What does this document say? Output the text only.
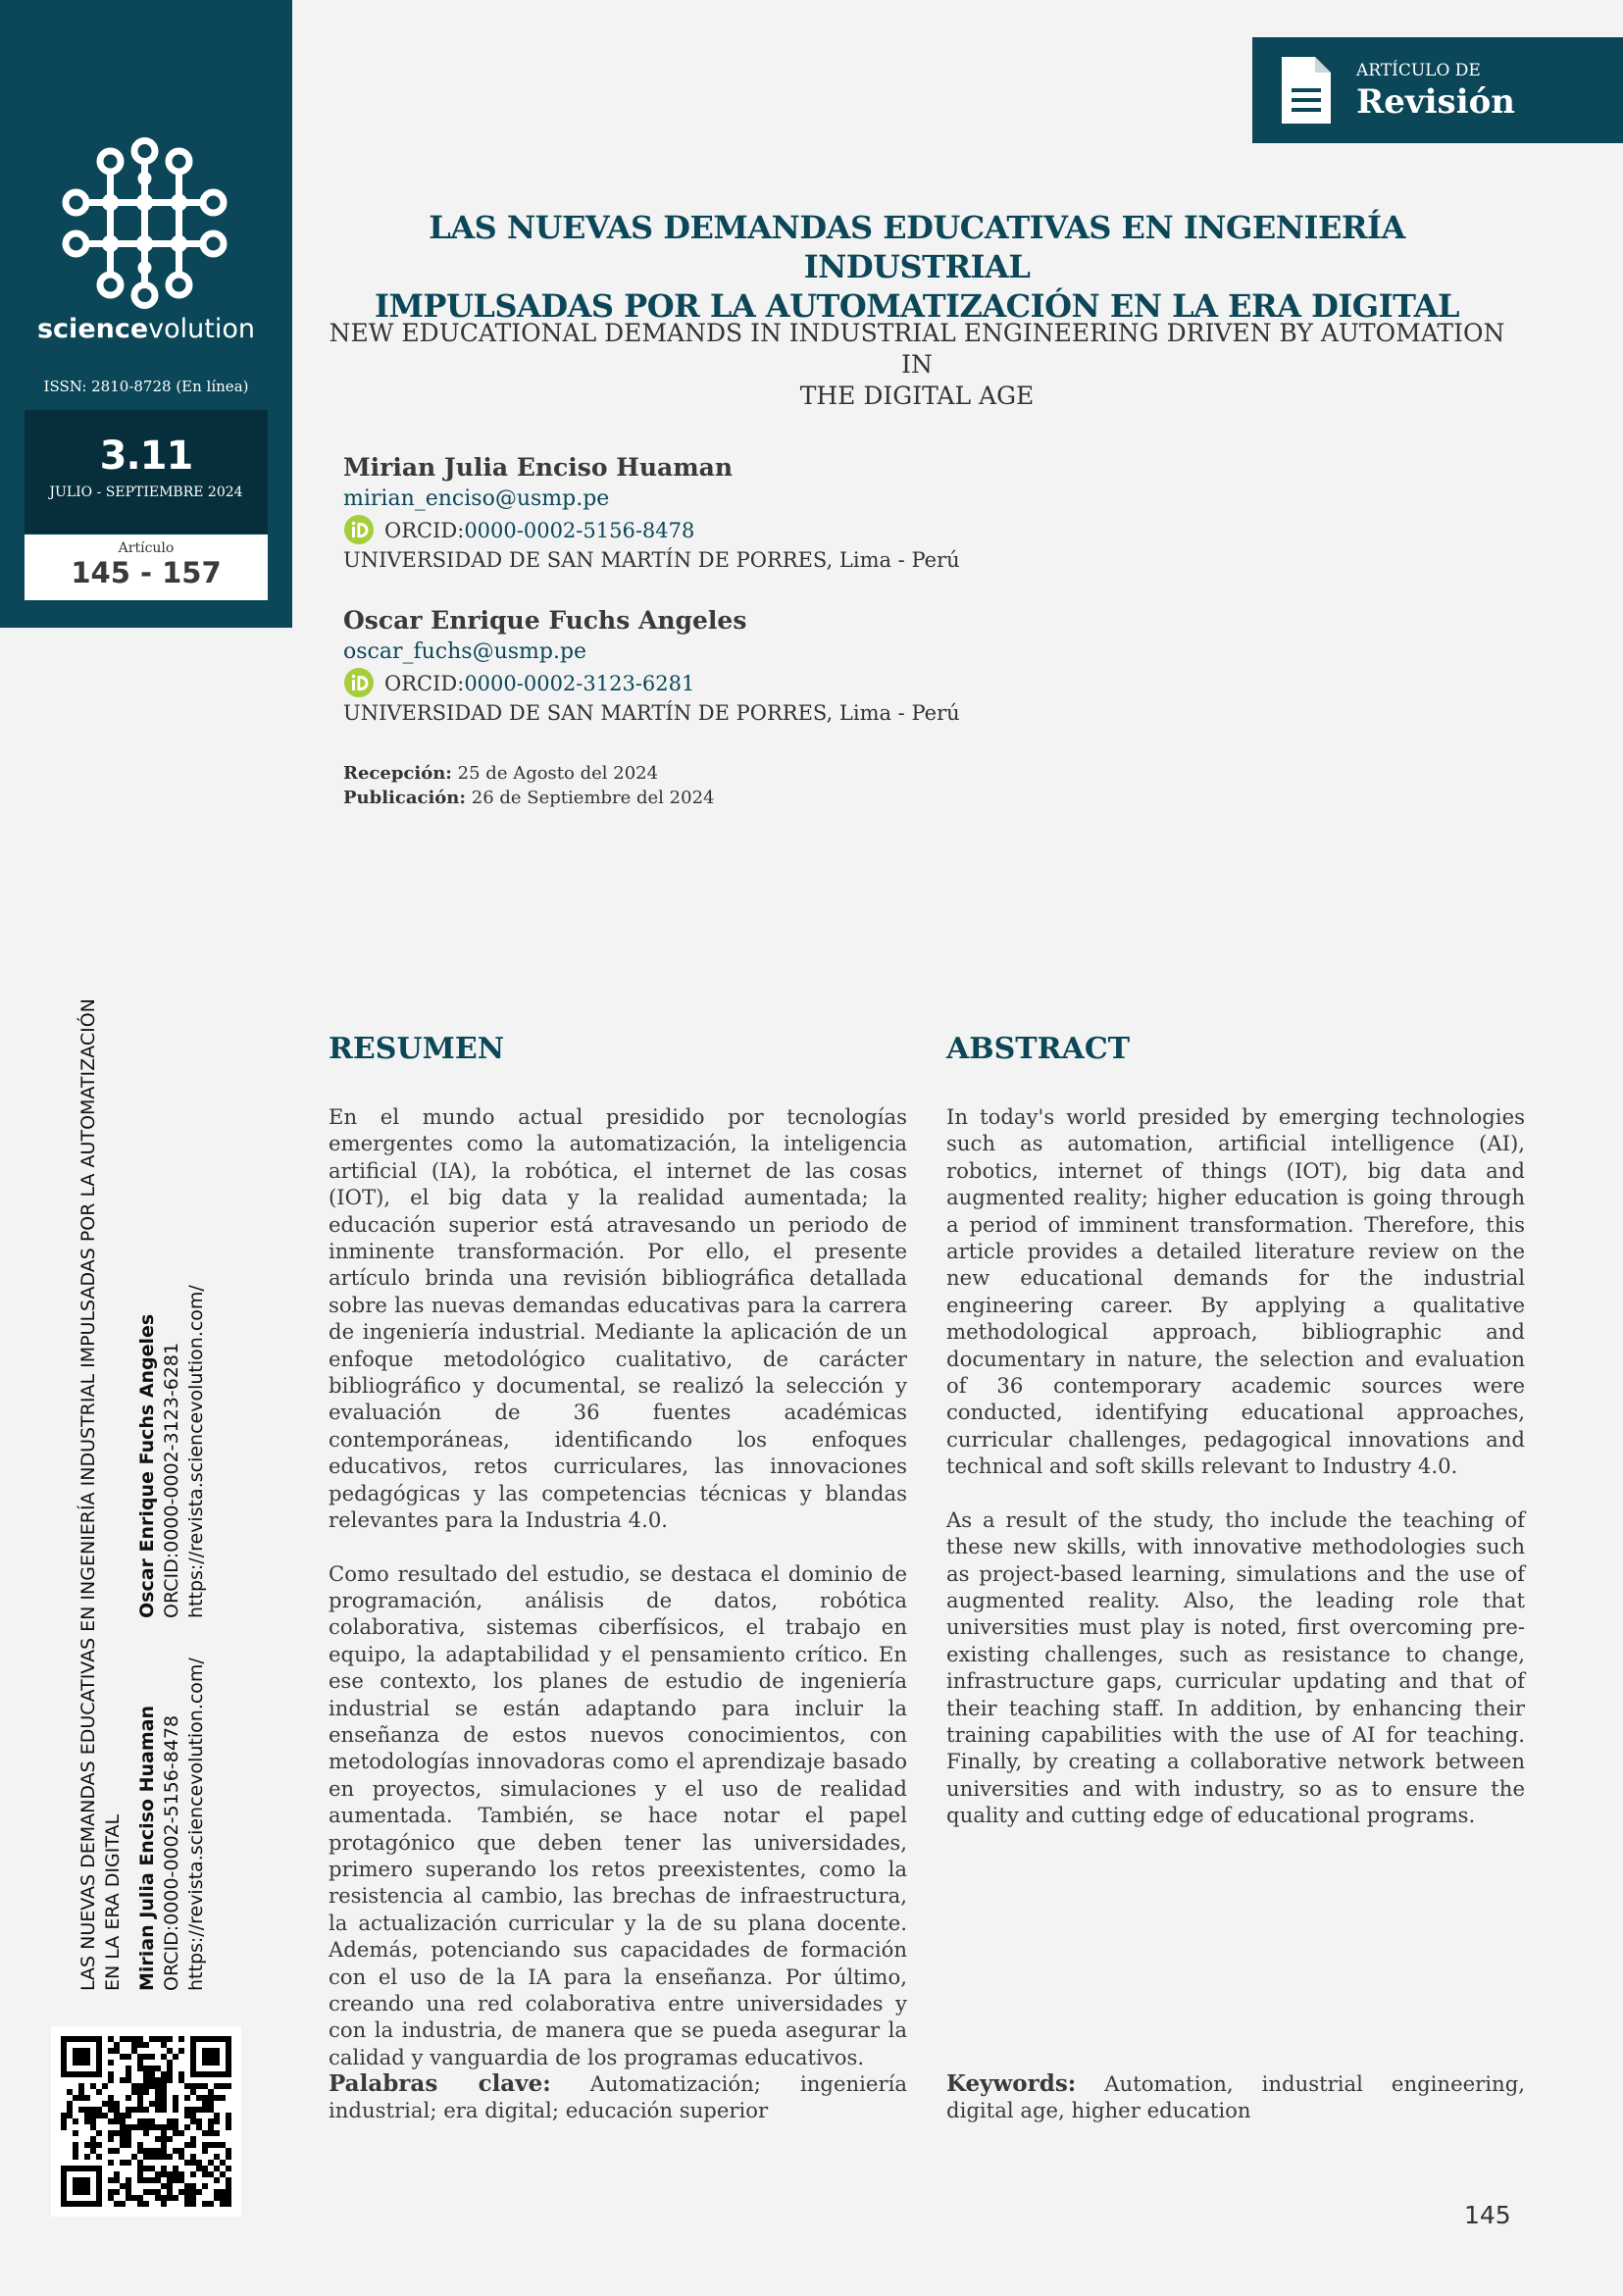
sciencevolution
ISSN: 2810-8728 (En línea)
3.11
JULIO - SEPTIEMBRE 2024
Artículo
145 - 157
ARTÍCULO DE
Revisión
LAS NUEVAS DEMANDAS EDUCATIVAS EN INGENIERÍA INDUSTRIAL
IMPULSADAS POR LA AUTOMATIZACIÓN EN LA ERA DIGITAL
NEW EDUCATIONAL DEMANDS IN INDUSTRIAL ENGINEERING DRIVEN BY AUTOMATION IN
THE DIGITAL AGE
Mirian Julia Enciso Huaman
mirian_enciso@usmp.pe
ORCID: 0000-0002-5156-8478
UNIVERSIDAD DE SAN MARTÍN DE PORRES, Lima - Perú
Oscar Enrique Fuchs Angeles
oscar_fuchs@usmp.pe
ORCID: 0000-0002-3123-6281
UNIVERSIDAD DE SAN MARTÍN DE PORRES, Lima - Perú
Recepción: 25 de Agosto del 2024
Publicación: 26 de Septiembre del 2024
LAS NUEVAS DEMANDAS EDUCATIVAS EN INGENIERÍA INDUSTRIAL IMPULSADAS POR LA AUTOMATIZACIÓN EN LA ERA DIGITAL Mirian Julia Enciso Huaman ORCID:0000-0002-5156-8478 https://revista.sciencevolution.com/
Oscar Enrique Fuchs Angeles ORCID:0000-0002-3123-6281 https://revista.sciencevolution.com/
RESUMEN

En el mundo actual presidido por tecnologías emergentes como la automatización, la inteligencia artificial (IA), la robótica, el internet de las cosas (IOT), el big data y la realidad aumentada; la educación superior está atravesando un periodo de inminente transformación. Por ello, el presente artículo brinda una revisión bibliográfica detallada sobre las nuevas demandas educativas para la carrera de ingeniería industrial. Mediante la aplicación de un enfoque metodológico cualitativo, de carácter bibliográfico y documental, se realizó la selección y evaluación de 36 fuentes académicas contemporáneas, identificando los enfoques educativos, retos curriculares, las innovaciones pedagógicas y las competencias técnicas y blandas relevantes para la Industria 4.0.

Como resultado del estudio, se destaca el dominio de programación, análisis de datos, robótica colaborativa, sistemas ciberfísicos, el trabajo en equipo, la adaptabilidad y el pensamiento crítico. En ese contexto, los planes de estudio de ingeniería industrial se están adaptando para incluir la enseñanza de estos nuevos conocimientos, con metodologías innovadoras como el aprendizaje basado en proyectos, simulaciones y el uso de realidad aumentada. También, se hace notar el papel protagónico que deben tener las universidades, primero superando los retos preexistentes, como la resistencia al cambio, las brechas de infraestructura, la actualización curricular y la de su plana docente. Además, potenciando sus capacidades de formación con el uso de la IA para la enseñanza. Por último, creando una red colaborativa entre universidades y con la industria, de manera que se pueda asegurar la calidad y vanguardia de los programas educativos.

Palabras clave: Automatización; ingeniería industrial; era digital; educación superior
ABSTRACT

In today's world presided by emerging technologies such as automation, artificial intelligence (AI), robotics, internet of things (IOT), big data and augmented reality; higher education is going through a period of imminent transformation. Therefore, this article provides a detailed literature review on the new educational demands for the industrial engineering career. By applying a qualitative methodological approach, bibliographic and documentary in nature, the selection and evaluation of 36 contemporary academic sources were conducted, identifying educational approaches, curricular challenges, pedagogical innovations and technical and soft skills relevant to Industry 4.0.

As a result of the study, tho include the teaching of these new skills, with innovative methodologies such as project-based learning, simulations and the use of augmented reality. Also, the leading role that universities must play is noted, first overcoming pre-existing challenges, such as resistance to change, infrastructure gaps, curricular updating and that of their teaching staff. In addition, by enhancing their training capabilities with the use of AI for teaching. Finally, by creating a collaborative network between universities and with industry, so as to ensure the quality and cutting edge of educational programs.

Keywords: Automation, industrial engineering, digital age, higher education
145
